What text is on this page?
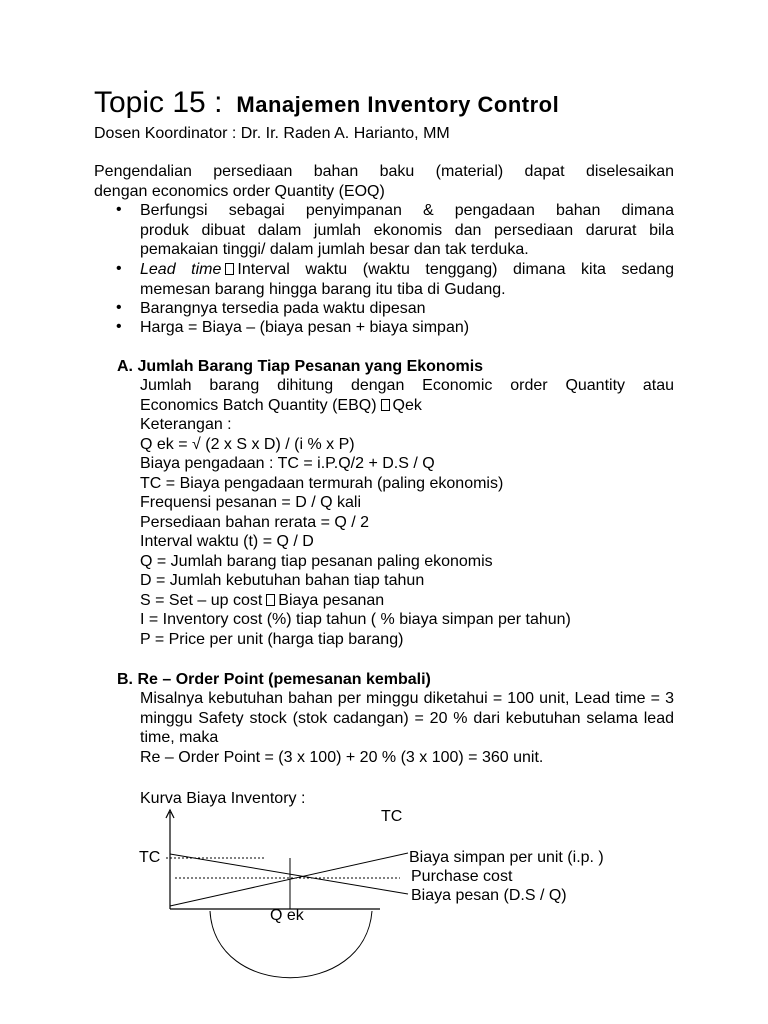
Topic 15 : Manajemen Inventory Control
Dosen Koordinator : Dr. Ir. Raden A. Harianto, MM

Pengendalian persediaan bahan baku (material) dapat diselesaikan

dengan economics order Quantity (EOQ)

• Berfungsi sebagai penyimpanan & pengadaan bahan dimana

produk dibuat dalam jumlah ekonomis dan persediaan darurat bila

pemakaian tinggi/ dalam jumlah besar dan tak terduka.

• Lead time Interval waktu (waktu tenggang) dimana kita sedang

memesan barang hingga barang itu tiba di Gudang.

• Barangnya tersedia pada waktu dipesan
• Harga = Biaya – (biaya pesan + biaya simpan)
A. Jumlah Barang Tiap Pesanan yang Ekonomis

Jumlah barang dihitung dengan Economic order Quantity atau

Economics Batch Quantity (EBQ) Qek

Keterangan :

Q ek = √ (2 x S x D) / (i % x P)

Biaya pengadaan : TC = i.P.Q/2 + D.S / Q

TC = Biaya pengadaan termurah (paling ekonomis)

Frequensi pesanan = D / Q kali

Persediaan bahan rerata = Q / 2

Interval waktu (t) = Q / D

Q = Jumlah barang tiap pesanan paling ekonomis

D = Jumlah kebutuhan bahan tiap tahun

S = Set – up cost Biaya pesanan

I = Inventory cost (%) tiap tahun ( % biaya simpan per tahun)

P = Price per unit (harga tiap barang)

B. Re – Order Point (pemesanan kembali)
Misalnya kebutuhan bahan per minggu diketahui = 100 unit, Lead time = 3 minggu Safety stock (stok cadangan) = 20 % dari kebutuhan selama lead time, maka
Re – Order Point = (3 x 100) + 20 % (3 x 100) = 360 unit.
Kurva Biaya Inventory :
TC
TC	Biaya simpan per unit (i.p. )
Purchase cost
Biaya pesan (D.S / Q)
Q ek
